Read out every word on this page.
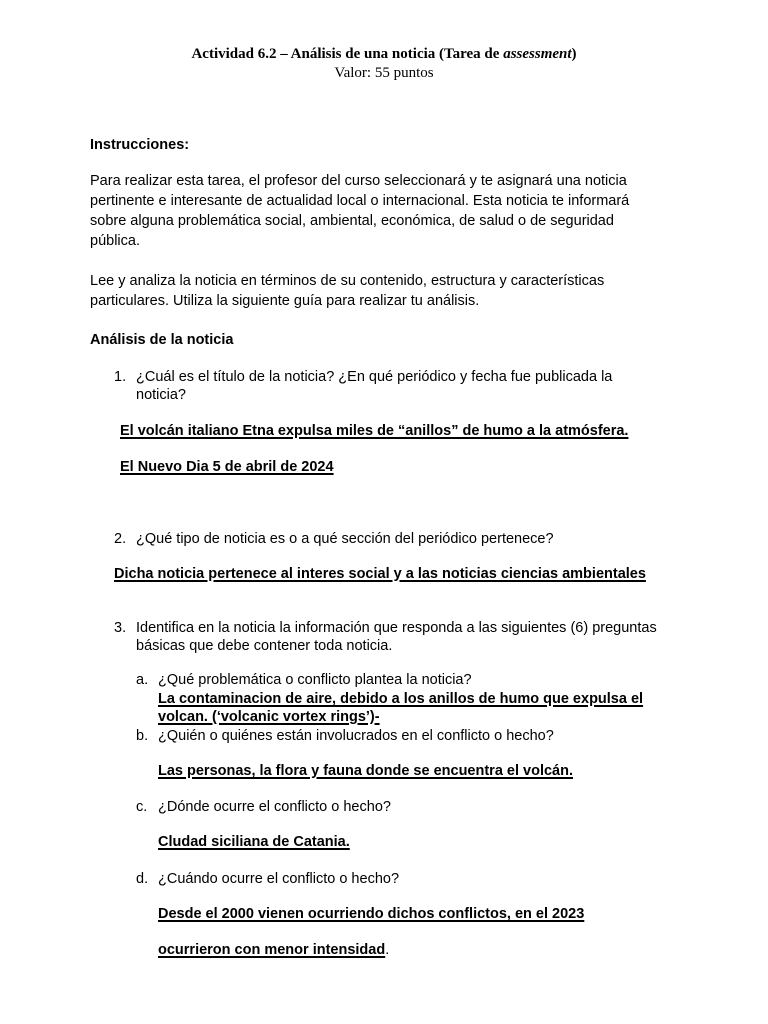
Actividad 6.2 – Análisis de una noticia (Tarea de assessment)
Valor: 55 puntos
Instrucciones:
Para realizar esta tarea, el profesor del curso seleccionará y te asignará una noticia
pertinente e interesante de actualidad local o internacional. Esta noticia te informará
sobre alguna problemática social, ambiental, económica, de salud o de seguridad
pública.
Lee y analiza la noticia en términos de su contenido, estructura y características
particulares. Utiliza la siguiente guía para realizar tu análisis.
Análisis de la noticia
1. ¿Cuál es el título de la noticia? ¿En qué periódico y fecha fue publicada la
noticia?
El volcán italiano Etna expulsa miles de “anillos” de humo a la atmósfera.
El Nuevo Dia 5 de abril de 2024
2. ¿Qué tipo de noticia es o a qué sección del periódico pertenece?
Dicha noticia pertenece al interes social y a las noticias ciencias ambientales
3. Identifica en la noticia la información que responda a las siguientes (6) preguntas
básicas que debe contener toda noticia.
a. ¿Qué problemática o conflicto plantea la noticia?
La contaminacion de aire, debido a los anillos de humo que expulsa el
volcan. (‘volcanic vortex rings’)-
b. ¿Quién o quiénes están involucrados en el conflicto o hecho?
Las personas, la flora y fauna donde se encuentra el volcán.
c. ¿Dónde ocurre el conflicto o hecho?
Cludad siciliana de Catania.
d. ¿Cuándo ocurre el conflicto o hecho?
Desde el 2000 vienen ocurriendo dichos conflictos, en el 2023
ocurrieron con menor intensidad.
